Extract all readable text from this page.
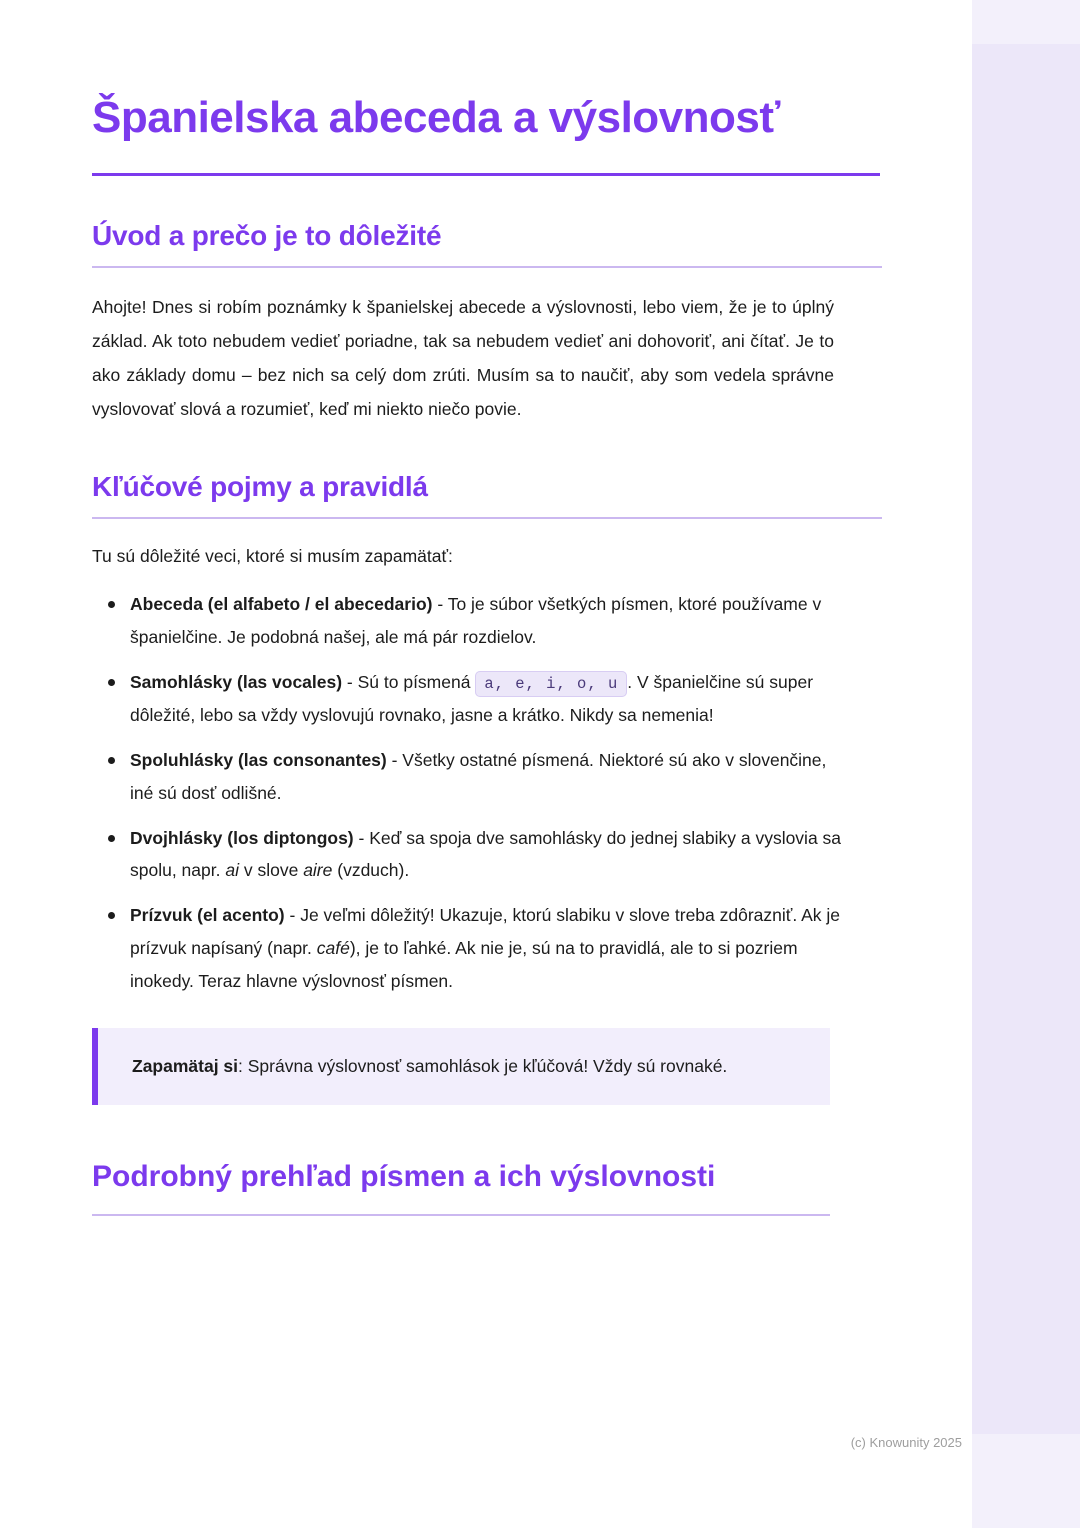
Španielska abeceda a výslovnosť
Úvod a prečo je to dôležité

Ahojte! Dnes si robím poznámky k španielskej abecede a výslovnosti, lebo viem, že je to úplný základ. Ak toto nebudem vedieť poriadne, tak sa nebudem vedieť ani dohovoriť, ani čítať. Je to ako základy domu – bez nich sa celý dom zrúti. Musím sa to naučiť, aby som vedela správne vyslovovať slová a rozumieť, keď mi niekto niečo povie.

Kľúčové pojmy a pravidlá

Tu sú dôležité veci, ktoré si musím zapamätať:

Abeceda (el alfabeto / el abecedario) - To je súbor všetkých písmen, ktoré používame v španielčine. Je podobná našej, ale má pár rozdielov.
Samohlásky (las vocales) - Sú to písmená a, e, i, o, u . V španielčine sú super dôležité, lebo sa vždy vyslovujú rovnako, jasne a krátko. Nikdy sa nemenia!
Spoluhlásky (las consonantes) - Všetky ostatné písmená. Niektoré sú ako v slovenčine, iné sú dosť odlišné.
Dvojhlásky (los diptongos) - Keď sa spoja dve samohlásky do jednej slabiky a vyslovia sa spolu, napr. ai v slove aire (vzduch).
Prízvuk (el acento) - Je veľmi dôležitý! Ukazuje, ktorú slabiku v slove treba zdôrazniť. Ak je prízvuk napísaný (napr. café), je to ľahké. Ak nie je, sú na to pravidlá, ale to si pozriem inokedy. Teraz hlavne výslovnosť písmen.

Zapamätaj si: Správna výslovnosť samohlások je kľúčová! Vždy sú rovnaké.

Podrobný prehľad písmen a ich výslovnosti
(c) Knowunity 2025
